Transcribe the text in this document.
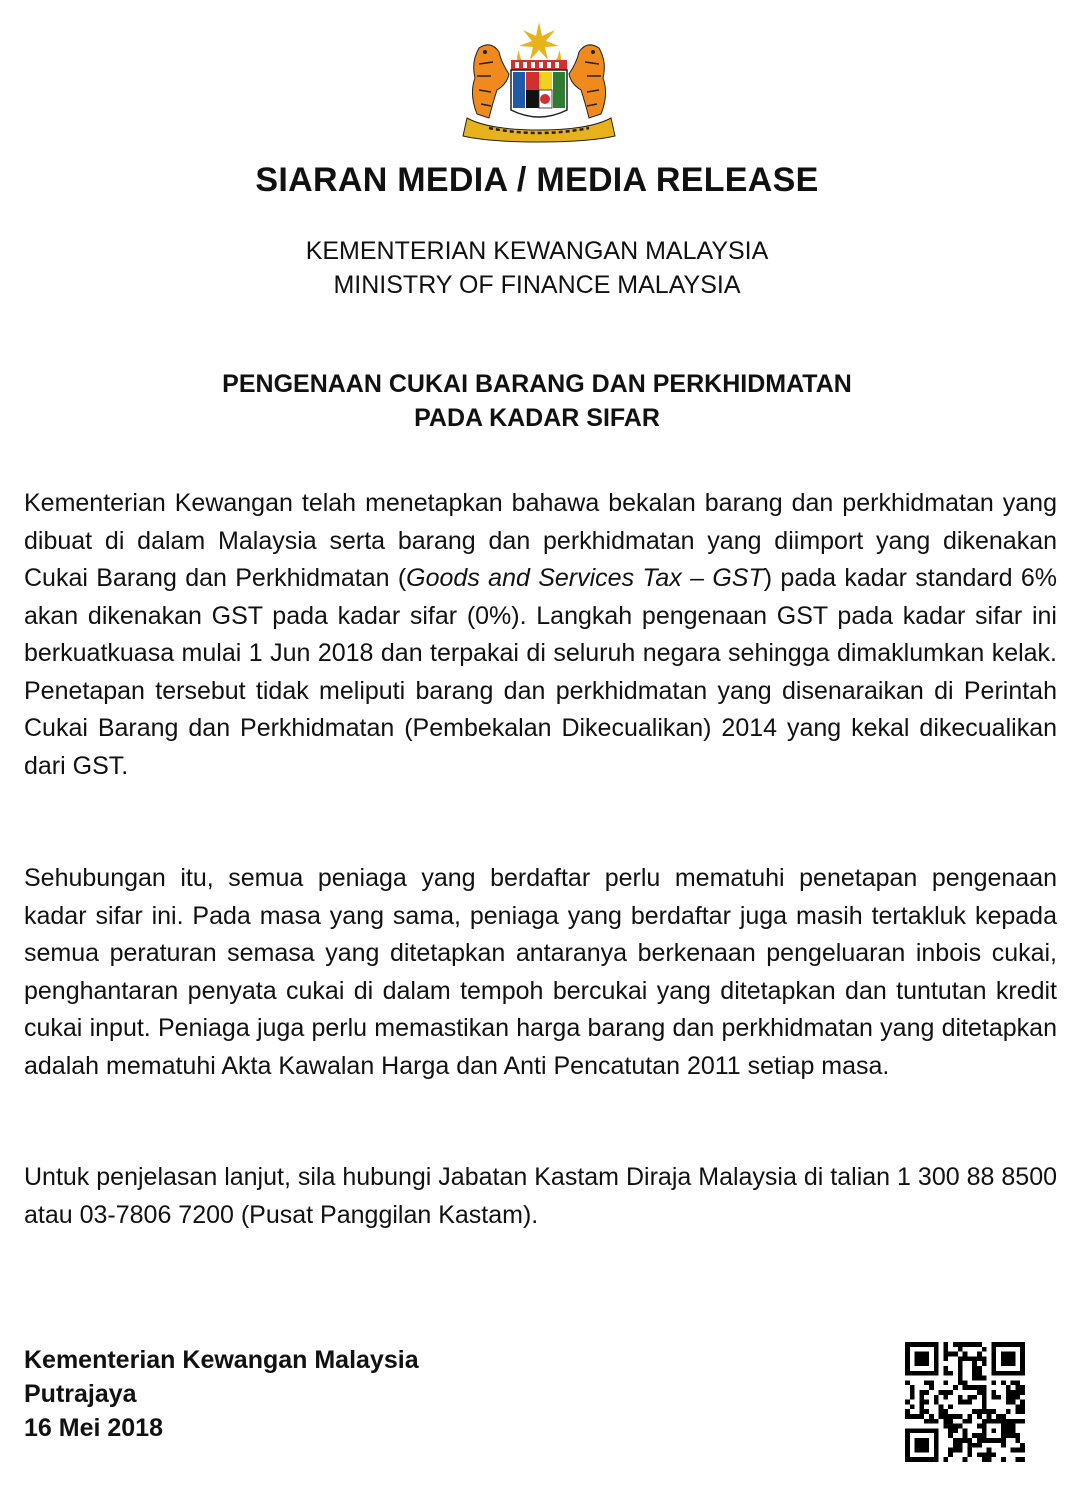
SIARAN MEDIA / MEDIA RELEASE
KEMENTERIAN KEWANGAN MALAYSIA
MINISTRY OF FINANCE MALAYSIA
PENGENAAN CUKAI BARANG DAN PERKHIDMATAN
PADA KADAR SIFAR
Kementerian Kewangan telah menetapkan bahawa bekalan barang dan perkhidmatan yang dibuat di dalam Malaysia serta barang dan perkhidmatan yang diimport yang dikenakan Cukai Barang dan Perkhidmatan (Goods and Services Tax – GST) pada kadar standard 6% akan dikenakan GST pada kadar sifar (0%). Langkah pengenaan GST pada kadar sifar ini berkuatkuasa mulai 1 Jun 2018 dan terpakai di seluruh negara sehingga dimaklumkan kelak. Penetapan tersebut tidak meliputi barang dan perkhidmatan yang disenaraikan di Perintah Cukai Barang dan Perkhidmatan (Pembekalan Dikecualikan) 2014 yang kekal dikecualikan dari GST.
Sehubungan itu, semua peniaga yang berdaftar perlu mematuhi penetapan pengenaan kadar sifar ini. Pada masa yang sama, peniaga yang berdaftar juga masih tertakluk kepada semua peraturan semasa yang ditetapkan antaranya berkenaan pengeluaran inbois cukai, penghantaran penyata cukai di dalam tempoh bercukai yang ditetapkan dan tuntutan kredit cukai input. Peniaga juga perlu memastikan harga barang dan perkhidmatan yang ditetapkan adalah mematuhi Akta Kawalan Harga dan Anti Pencatutan 2011 setiap masa.
Untuk penjelasan lanjut, sila hubungi Jabatan Kastam Diraja Malaysia di talian 1 300 88 8500 atau 03-7806 7200 (Pusat Panggilan Kastam).
Kementerian Kewangan Malaysia
Putrajaya
16 Mei 2018
